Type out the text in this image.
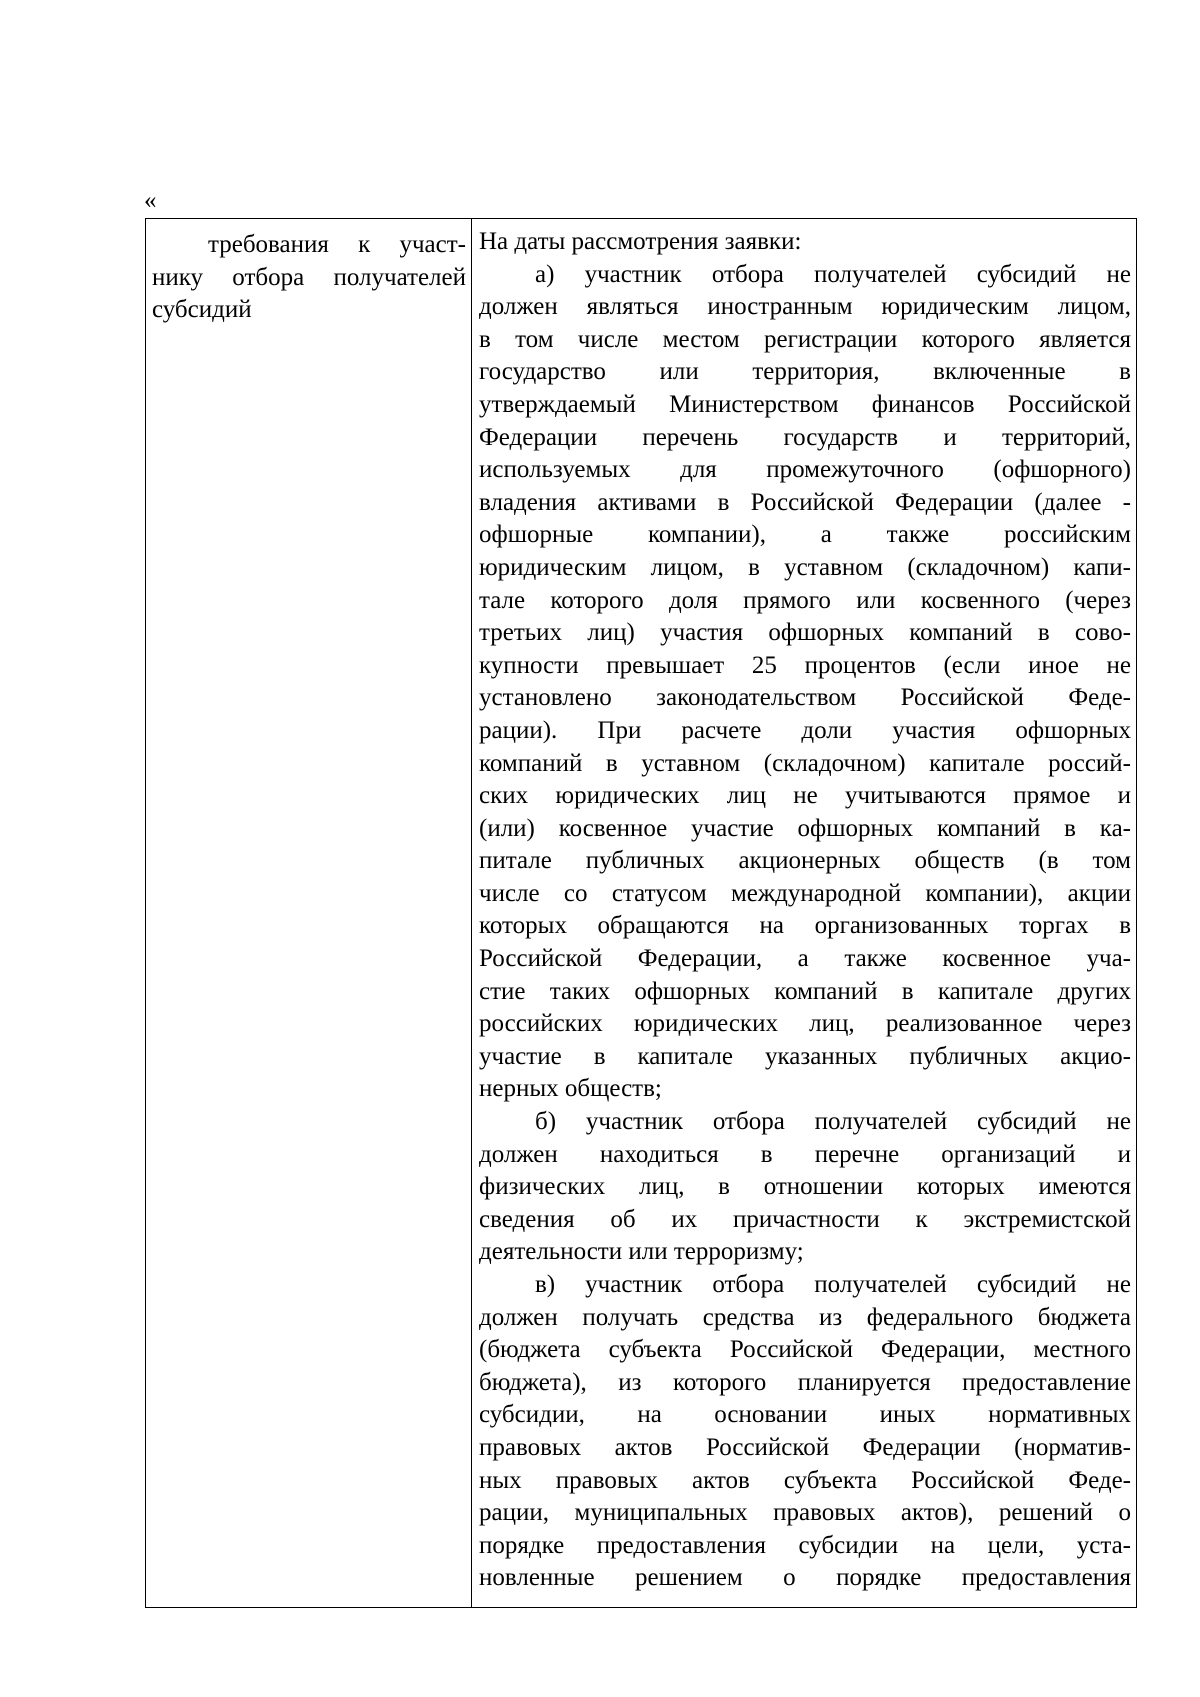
«
требования к участ-
нику отбора получателей
субсидий
На даты рассмотрения заявки:
а) участник отбора получателей субсидий не
должен являться иностранным юридическим лицом,
в том числе местом регистрации которого является
государство или территория, включенные в
утверждаемый Министерством финансов Российской
Федерации перечень государств и территорий,
используемых для промежуточного (офшорного)
владения активами в Российской Федерации (далее -
офшорные компании), а также российским
юридическим лицом, в уставном (складочном) капи-
тале которого доля прямого или косвенного (через
третьих лиц) участия офшорных компаний в сово-
купности превышает 25 процентов (если иное не
установлено законодательством Российской Феде-
рации). При расчете доли участия офшорных
компаний в уставном (складочном) капитале россий-
ских юридических лиц не учитываются прямое и
(или) косвенное участие офшорных компаний в ка-
питале публичных акционерных обществ (в том
числе со статусом международной компании), акции
которых обращаются на организованных торгах в
Российской Федерации, а также косвенное уча-
стие таких офшорных компаний в капитале других
российских юридических лиц, реализованное через
участие в капитале указанных публичных акцио-
нерных обществ;
б) участник отбора получателей субсидий не
должен находиться в перечне организаций и
физических лиц, в отношении которых имеются
сведения об их причастности к экстремистской
деятельности или терроризму;
в) участник отбора получателей субсидий не
должен получать средства из федерального бюджета
(бюджета субъекта Российской Федерации, местного
бюджета), из которого планируется предоставление
субсидии, на основании иных нормативных
правовых актов Российской Федерации (норматив-
ных правовых актов субъекта Российской Феде-
рации, муниципальных правовых актов), решений о
порядке предоставления субсидии на цели, уста-
новленные решением о порядке предоставления
